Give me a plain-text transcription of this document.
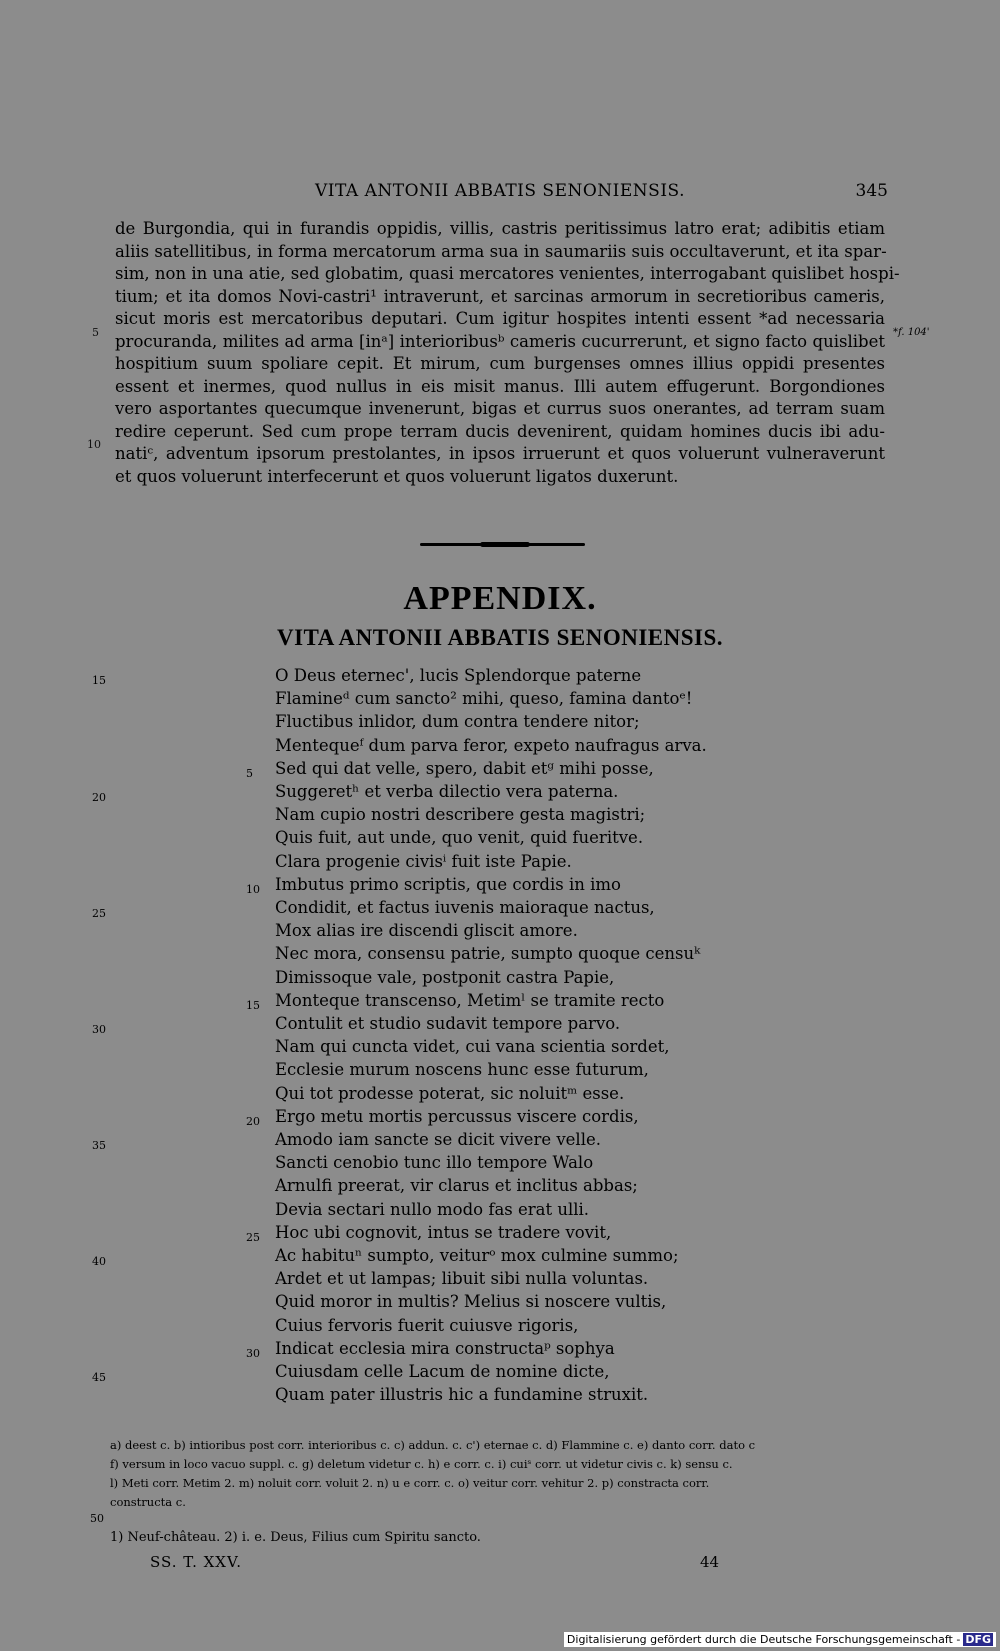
VITA ANTONII ABBATIS SENONIENSIS.	345
de Burgondia, qui in furandis oppidis, villis, castris peritissimus latro erat; adibitis etiam
aliis satellitibus, in forma mercatorum arma sua in saumariis suis occultaverunt, et ita spar-
sim, non in una atie, sed globatim, quasi mercatores venientes, interrogabant quislibet hospi-
tium; et ita domos Novi-castri¹ intraverunt, et sarcinas armorum in secretioribus cameris,
sicut moris est mercatoribus deputari. Cum igitur hospites intenti essent *ad necessaria
procuranda, milites ad arma [inᵃ] interioribusᵇ cameris cucurrerunt, et signo facto quislibet
hospitium suum spoliare cepit. Et mirum, cum burgenses omnes illius oppidi presentes
essent et inermes, quod nullus in eis misit manus. Illi autem effugerunt. Borgondiones
vero asportantes quecumque invenerunt, bigas et currus suos onerantes, ad terram suam
redire ceperunt. Sed cum prope terram ducis devenirent, quidam homines ducis ibi adu-
natiᶜ, adventum ipsorum prestolantes, in ipsos irruerunt et quos voluerunt vulneraverunt
et quos voluerunt interfecerunt et quos voluerunt ligatos duxerunt.
5
10
*f. 104'
APPENDIX.
VITA ANTONII ABBATIS SENONIENSIS.
O Deus eternec', lucis Splendorque paterne
Flamineᵈ cum sancto² mihi, queso, famina dantoᵉ!
Fluctibus inlidor, dum contra tendere nitor;
Mentequeᶠ dum parva feror, expeto naufragus arva.
Sed qui dat velle, spero, dabit etᵍ mihi posse,
Suggeretʰ et verba dilectio vera paterna.
Nam cupio nostri describere gesta magistri;
Quis fuit, aut unde, quo venit, quid fueritve.
Clara progenie civisⁱ fuit iste Papie.
Imbutus primo scriptis, que cordis in imo
Condidit, et factus iuvenis maioraque nactus,
Mox alias ire discendi gliscit amore.
Nec mora, consensu patrie, sumpto quoque censuᵏ
Dimissoque vale, postponit castra Papie,
Monteque transcenso, Metimˡ se tramite recto
Contulit et studio sudavit tempore parvo.
Nam qui cuncta videt, cui vana scientia sordet,
Ecclesie murum noscens hunc esse futurum,
Qui tot prodesse poterat, sic noluitᵐ esse.
Ergo metu mortis percussus viscere cordis,
Amodo iam sancte se dicit vivere velle.
Sancti cenobio tunc illo tempore Walo
Arnulfi preerat, vir clarus et inclitus abbas;
Devia sectari nullo modo fas erat ulli.
Hoc ubi cognovit, intus se tradere vovit,
Ac habituⁿ sumpto, veiturᵒ mox culmine summo;
Ardet et ut lampas; libuit sibi nulla voluntas.
Quid moror in multis? Melius si noscere vultis,
Cuius fervoris fuerit cuiusve rigoris,
Indicat ecclesia mira constructaᵖ sophya
Cuiusdam celle Lacum de nomine dicte,
Quam pater illustris hic a fundamine struxit.
15
20
25
30
35
40
45
5
10
15
20
25
30
a) deest c. b) intioribus post corr. interioribus c. c) addun. c. c') eternae c. d) Flammine c. e) danto corr. dato c
f) versum in loco vacuo suppl. c. g) deletum videtur c. h) e corr. c. i) cuiˢ corr. ut videtur civis c. k) sensu c.
l) Meti corr. Metim 2. m) noluit corr. voluit 2. n) u e corr. c. o) veitur corr. vehitur 2. p) constracta corr.
constructa c.
50
1) Neuf-château. 2) i. e. Deus, Filius cum Spiritu sancto.
SS. T. XXV.	44
Digitalisierung gefördert durch die Deutsche Forschungsgemeinschaft - DFG
